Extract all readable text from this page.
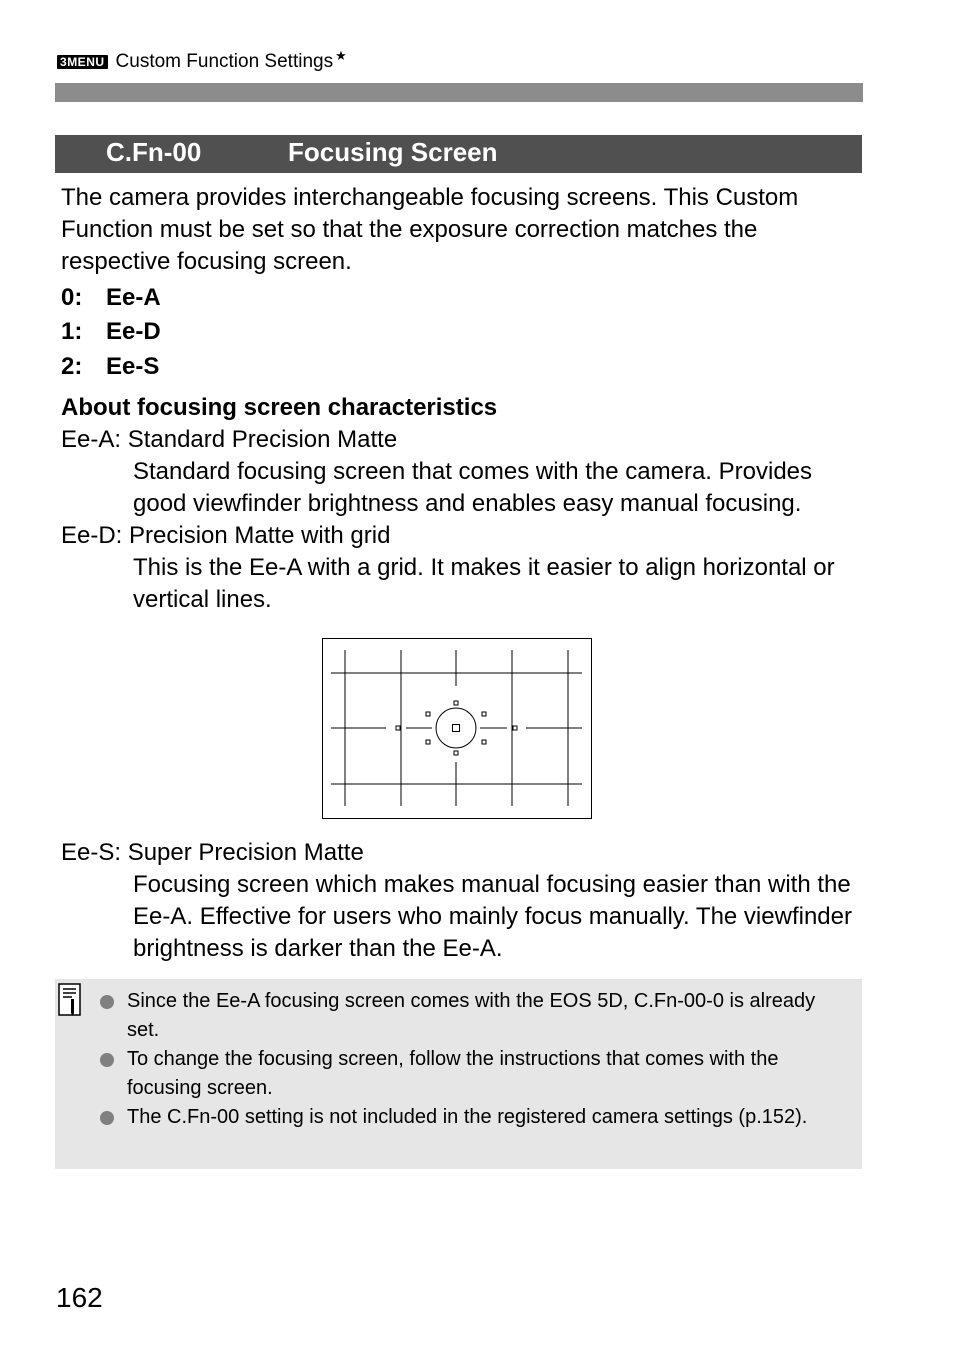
3MENU Custom Function Settings ★
C.Fn-00	Focusing Screen
The camera provides interchangeable focusing screens. This Custom Function must be set so that the exposure correction matches the respective focusing screen.
0: Ee-A
1: Ee-D
2: Ee-S
About focusing screen characteristics
Ee-A: Standard Precision Matte
Standard focusing screen that comes with the camera. Provides good viewfinder brightness and enables easy manual focusing.
Ee-D: Precision Matte with grid
This is the Ee-A with a grid. It makes it easier to align horizontal or vertical lines.
Ee-S: Super Precision Matte
Focusing screen which makes manual focusing easier than with the Ee-A. Effective for users who mainly focus manually. The viewfinder brightness is darker than the Ee-A.
Since the Ee-A focusing screen comes with the EOS 5D, C.Fn-00-0 is already set.
To change the focusing screen, follow the instructions that comes with the focusing screen.
The C.Fn-00 setting is not included in the registered camera settings (p.152).
162
